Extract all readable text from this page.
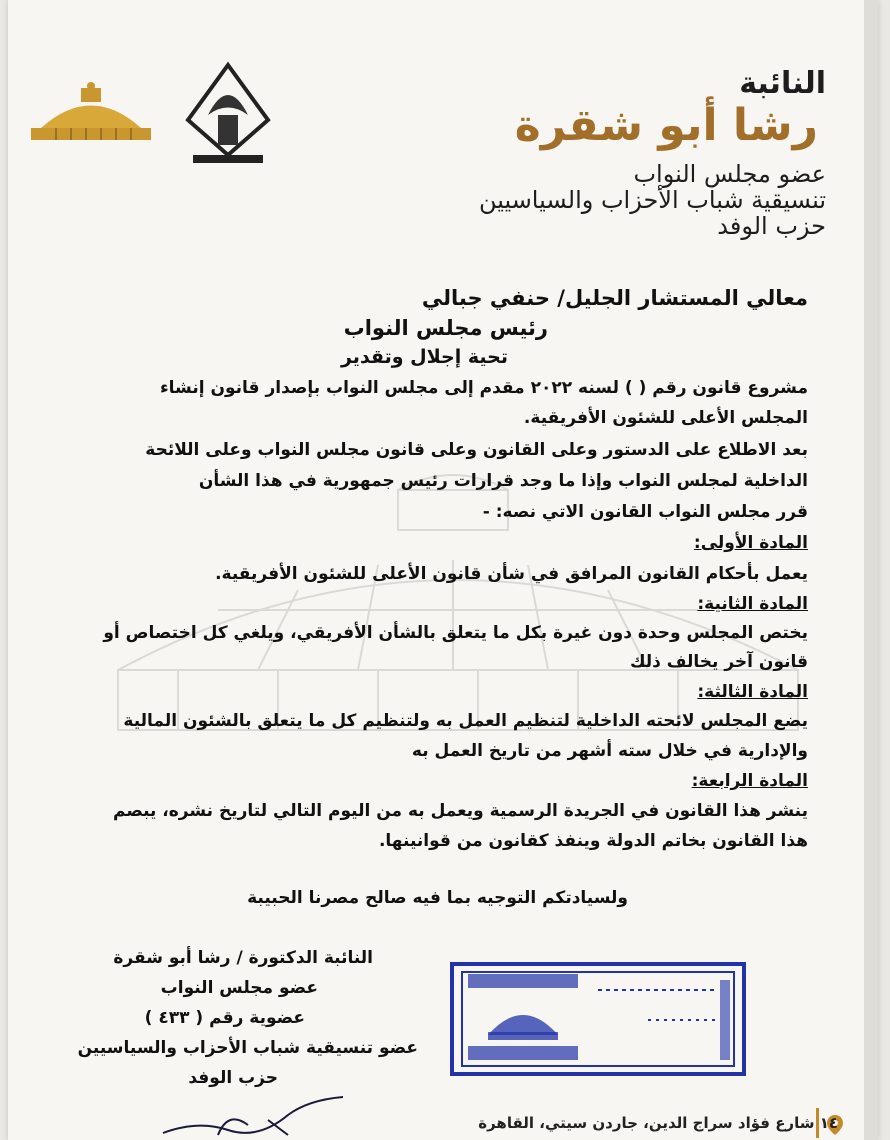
النائبة
رشا أبو شقرة
عضو مجلس النواب
تنسيقية شباب الأحزاب والسياسيين
حزب الوفد
معالي المستشار الجليل/ حنفي جبالي
رئيس مجلس النواب
تحية إجلال وتقدير
مشروع قانون رقم ( ) لسنه ٢٠٢٢ مقدم إلى مجلس النواب بإصدار قانون إنشاء
المجلس الأعلى للشئون الأفريقية.
بعد الاطلاع على الدستور وعلى القانون وعلى قانون مجلس النواب وعلى اللائحة
الداخلية لمجلس النواب وإذا ما وجد قرارات رئيس جمهورية في هذا الشأن
قرر مجلس النواب القانون الاتي نصه: -
المادة الأولى:
يعمل بأحكام القانون المرافق في شأن قانون الأعلى للشئون الأفريقية.
المادة الثانية:
يختص المجلس وحدة دون غيرة بكل ما يتعلق بالشأن الأفريقي، ويلغي كل اختصاص أو
قانون آخر يخالف ذلك
المادة الثالثة:
يضع المجلس لائحته الداخلية لتنظيم العمل به ولتنظيم كل ما يتعلق بالشئون المالية
والإدارية في خلال سته أشهر من تاريخ العمل به
المادة الرابعة:
ينشر هذا القانون في الجريدة الرسمية ويعمل به من اليوم التالي لتاريخ نشره، يبصم
هذا القانون بخاتم الدولة وينفذ كقانون من قوانينها.
ولسيادتكم التوجيه بما فيه صالح مصرنا الحبيبة
النائبة الدكتورة / رشا أبو شقرة
عضو مجلس النواب
عضوية رقم ( ٤٣٣ )
عضو تنسيقية شباب الأحزاب والسياسيين
حزب الوفد
١٤ شارع فؤاد سراج الدين، جاردن سيتي، القاهرة
